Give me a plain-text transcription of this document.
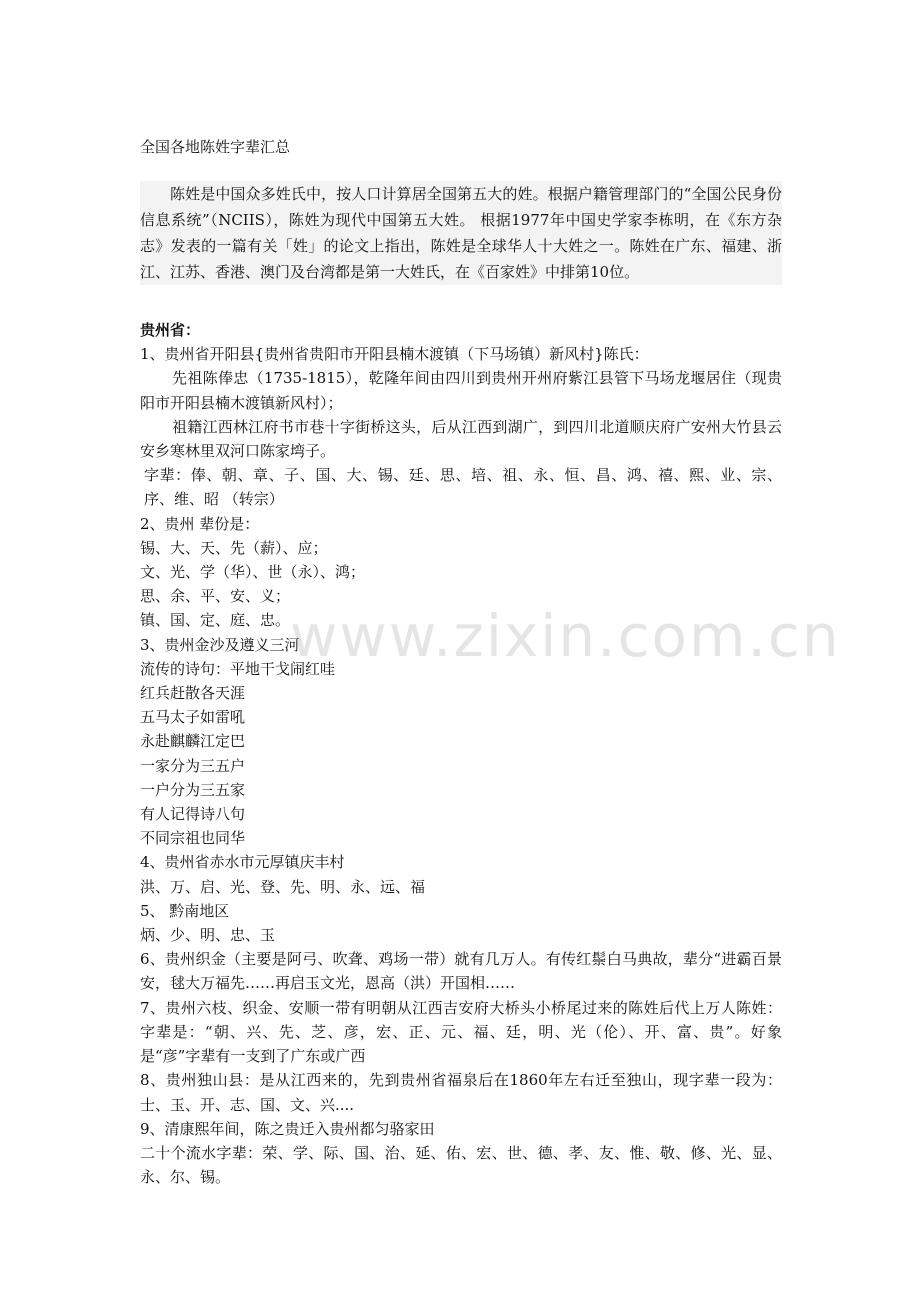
全国各地陈姓字辈汇总
陈姓是中国众多姓氏中，按人口计算居全国第五大的姓。根据户籍管理部门的“全国公民身份信息系统”（NCIIS），陈姓为现代中国第五大姓。 根据1977年中国史学家李栋明，在《东方杂志》发表的一篇有关「姓」的论文上指出，陈姓是全球华人十大姓之一。陈姓在广东、福建、浙江、江苏、香港、澳门及台湾都是第一大姓氏，在《百家姓》中排第10位。
贵州省：
1、贵州省开阳县{贵州省贵阳市开阳县楠木渡镇（下马场镇）新风村}陈氏：
先祖陈俸忠（1735-1815），乾隆年间由四川到贵州开州府紫江县管下马场龙堰居住（现贵阳市开阳县楠木渡镇新风村）；
祖籍江西林江府书市巷十字街桥这头，后从江西到湖广，到四川北道顺庆府广安州大竹县云安乡寒林里双河口陈家塆子。
字辈：俸、朝、章、子、国、大、锡、廷、思、培、祖、永、恒、昌、鸿、禧、熙、业、宗、序、维、昭 （转宗）
2、贵州 辈份是：
锡、大、天、先（薪）、应；
文、光、学（华）、世（永）、鸿；
思、余、平、安、义；
镇、国、定、庭、忠。
3、贵州金沙及遵义三河
流传的诗句：平地干戈闹红哇
红兵赶散各天涯
五马太子如雷吼
永赴麒麟江定巴
一家分为三五户
一户分为三五家
有人记得诗八句
不同宗祖也同华
4、贵州省赤水市元厚镇庆丰村
洪、万、启、光、登、先、明、永、远、福
5、 黔南地区
炳、少、明、忠、玉
6、贵州织金（主要是阿弓、吹聋、鸡场一带）就有几万人。有传红鬃白马典故，辈分“进霸百景安，毬大万福先……再启玉文光，恩高（洪）开国相……
7、贵州六枝、织金、安顺一带有明朝从江西吉安府大桥头小桥尾过来的陈姓后代上万人陈姓： 字辈是：“朝、兴、先、芝、彦，宏、正、元、福、廷，明、光（伦）、开、富、贵”。好象是“彦”字辈有一支到了广东或广西
8、贵州独山县：是从江西来的，先到贵州省福泉后在1860年左右迁至独山，现字辈一段为：士、玉、开、志、国、文、兴....
9、清康熙年间，陈之贵迁入贵州都匀骆家田
二十个流水字辈：荣、学、际、国、治、延、佑、宏、世、德、孝、友、惟、敬、修、光、显、永、尔、锡。
www.zixin.com.cn
